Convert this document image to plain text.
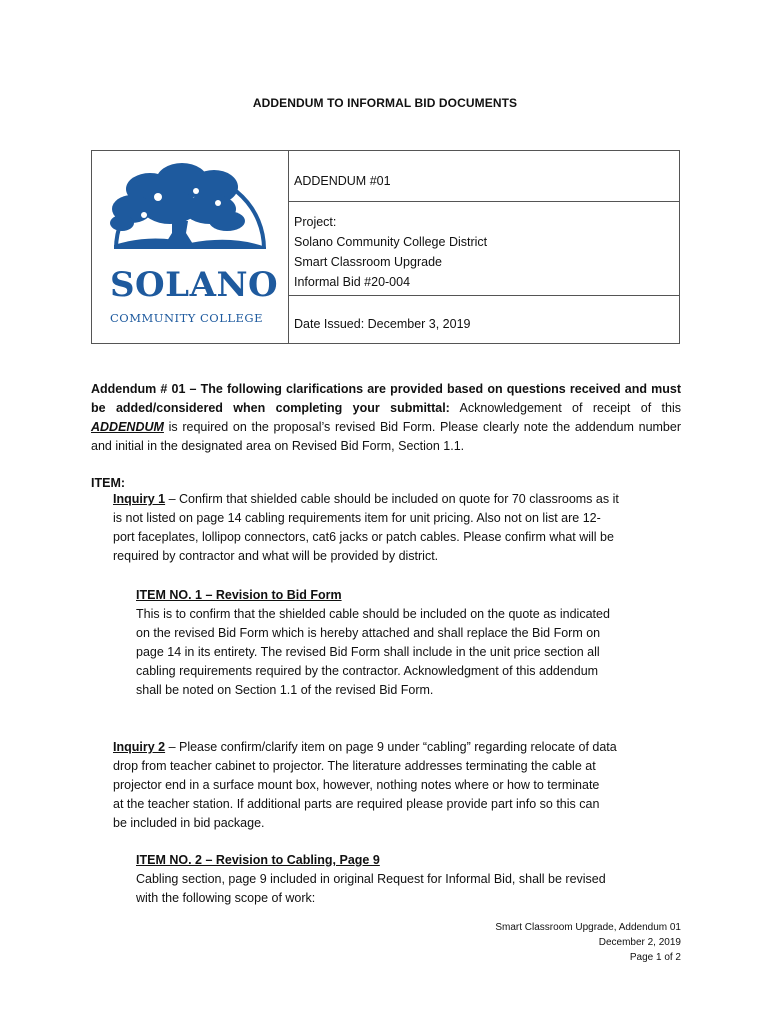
ADDENDUM TO INFORMAL BID DOCUMENTS
SOLANO
COMMUNITY COLLEGE
ADDENDUM #01
Project:
Solano Community College District
Smart Classroom Upgrade
Informal Bid #20-004
Date Issued: December 3, 2019
Addendum # 01 – The following clarifications are provided based on questions received and must be added/considered when completing your submittal: Acknowledgement of receipt of this ADDENDUM is required on the proposal’s revised Bid Form. Please clearly note the addendum number and initial in the designated area on Revised Bid Form, Section 1.1.
ITEM:
Inquiry 1 – Confirm that shielded cable should be included on quote for 70 classrooms as it
is not listed on page 14 cabling requirements item for unit pricing. Also not on list are 12-
port faceplates, lollipop connectors, cat6 jacks or patch cables. Please confirm what will be
required by contractor and what will be provided by district.
ITEM NO. 1 – Revision to Bid Form
This is to confirm that the shielded cable should be included on the quote as indicated
on the revised Bid Form which is hereby attached and shall replace the Bid Form on
page 14 in its entirety. The revised Bid Form shall include in the unit price section all
cabling requirements required by the contractor. Acknowledgment of this addendum
shall be noted on Section 1.1 of the revised Bid Form.
Inquiry 2 – Please confirm/clarify item on page 9 under “cabling” regarding relocate of data
drop from teacher cabinet to projector. The literature addresses terminating the cable at
projector end in a surface mount box, however, nothing notes where or how to terminate
at the teacher station. If additional parts are required please provide part info so this can
be included in bid package.
ITEM NO. 2 – Revision to Cabling, Page 9
Cabling section, page 9 included in original Request for Informal Bid, shall be revised
with the following scope of work:
Smart Classroom Upgrade, Addendum 01
December 2, 2019
Page 1 of 2
